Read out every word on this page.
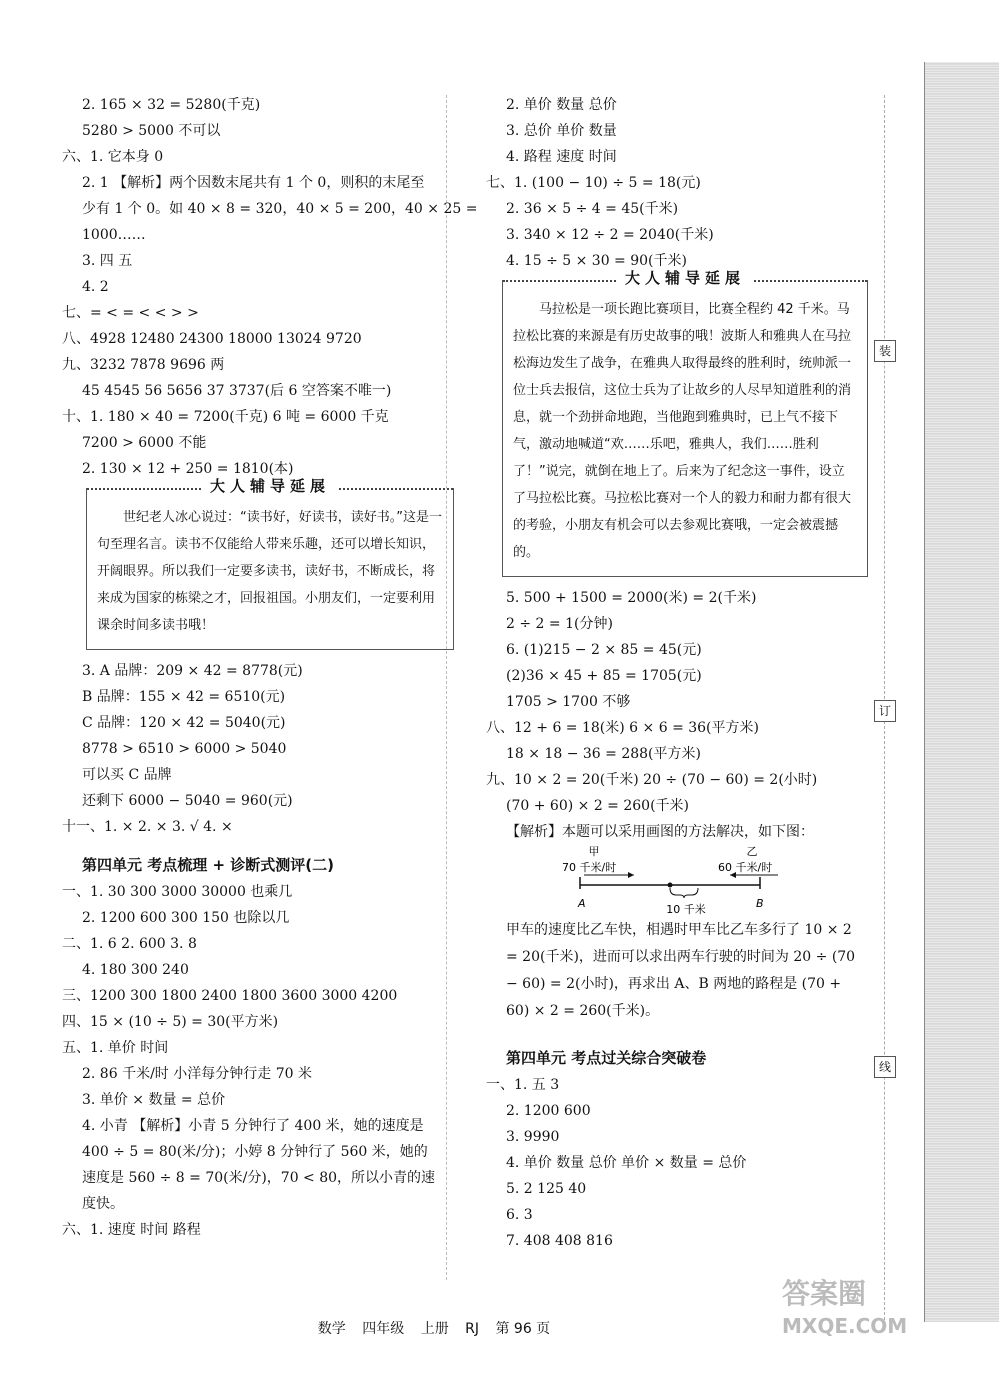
装
订
线
2. 165 × 32 = 5280(千克)
5280 > 5000 不可以
六、1. 它本身 0
2. 1 【解析】两个因数末尾共有 1 个 0，则积的末尾至
少有 1 个 0。如 40 × 8 = 320，40 × 5 = 200，40 × 25 =
1000……
3. 四 五
4. 2
七、= < = < < > >
八、4928 12480 24300 18000 13024 9720
九、3232 7878 9696 两
45 4545 56 5656 37 3737(后 6 空答案不唯一)
十、1. 180 × 40 = 7200(千克) 6 吨 = 6000 千克
7200 > 6000 不能
2. 130 × 12 + 250 = 1810(本)
大人辅导延展
世纪老人冰心说过：“读书好，好读书，读好书。”这是一句至理名言。读书不仅能给人带来乐趣，还可以增长知识，开阔眼界。所以我们一定要多读书，读好书，不断成长，将来成为国家的栋梁之才，回报祖国。小朋友们，一定要利用课余时间多读书哦！
3. A 品牌：209 × 42 = 8778(元)
B 品牌：155 × 42 = 6510(元)
C 品牌：120 × 42 = 5040(元)
8778 > 6510 > 6000 > 5040
可以买 C 品牌
还剩下 6000 − 5040 = 960(元)
十一、1. × 2. × 3. √ 4. ×
第四单元 考点梳理 + 诊断式测评(二)
一、1. 30 300 3000 30000 也乘几
2. 1200 600 300 150 也除以几
二、1. 6 2. 600 3. 8
4. 180 300 240
三、1200 300 1800 2400 1800 3600 3000 4200
四、15 × (10 ÷ 5) = 30(平方米)
五、1. 单价 时间
2. 86 千米/时 小洋每分钟行走 70 米
3. 单价 × 数量 = 总价
4. 小青 【解析】小青 5 分钟行了 400 米，她的速度是
400 ÷ 5 = 80(米/分)；小婷 8 分钟行了 560 米，她的
速度是 560 ÷ 8 = 70(米/分)，70 < 80，所以小青的速
度快。
六、1. 速度 时间 路程
2. 单价 数量 总价
3. 总价 单价 数量
4. 路程 速度 时间
七、1. (100 − 10) ÷ 5 = 18(元)
2. 36 × 5 ÷ 4 = 45(千米)
3. 340 × 12 ÷ 2 = 2040(千米)
4. 15 ÷ 5 × 30 = 90(千米)
大人辅导延展
马拉松是一项长跑比赛项目，比赛全程约 42 千米。马拉松比赛的来源是有历史故事的哦！波斯人和雅典人在马拉松海边发生了战争，在雅典人取得最终的胜利时，统帅派一位士兵去报信，这位士兵为了让故乡的人尽早知道胜利的消息，就一个劲拼命地跑，当他跑到雅典时，已上气不接下气，激动地喊道“欢……乐吧，雅典人，我们……胜利了！”说完，就倒在地上了。后来为了纪念这一事件，设立了马拉松比赛。马拉松比赛对一个人的毅力和耐力都有很大的考验，小朋友有机会可以去参观比赛哦，一定会被震撼的。
5. 500 + 1500 = 2000(米) = 2(千米)
2 ÷ 2 = 1(分钟)
6. (1)215 − 2 × 85 = 45(元)
(2)36 × 45 + 85 = 1705(元)
1705 > 1700 不够
八、12 + 6 = 18(米) 6 × 6 = 36(平方米)
18 × 18 − 36 = 288(平方米)
九、10 × 2 = 20(千米) 20 ÷ (70 − 60) = 2(小时)
(70 + 60) × 2 = 260(千米)
【解析】本题可以采用画图的方法解决，如下图：
甲	乙
70 千米/时	60 千米/时
A	B
10 千米
甲车的速度比乙车快，相遇时甲车比乙车多行了 10 × 2 = 20(千米)，进而可以求出两车行驶的时间为 20 ÷ (70 − 60) = 2(小时)，再求出 A、B 两地的路程是 (70 + 60) × 2 = 260(千米)。
第四单元 考点过关综合突破卷
一、1. 五 3
2. 1200 600
3. 9990
4. 单价 数量 总价 单价 × 数量 = 总价
5. 2 125 40
6. 3
7. 408 408 816
数学 四年级 上册 RJ 第 96 页
答案圈
MXQE.COM
